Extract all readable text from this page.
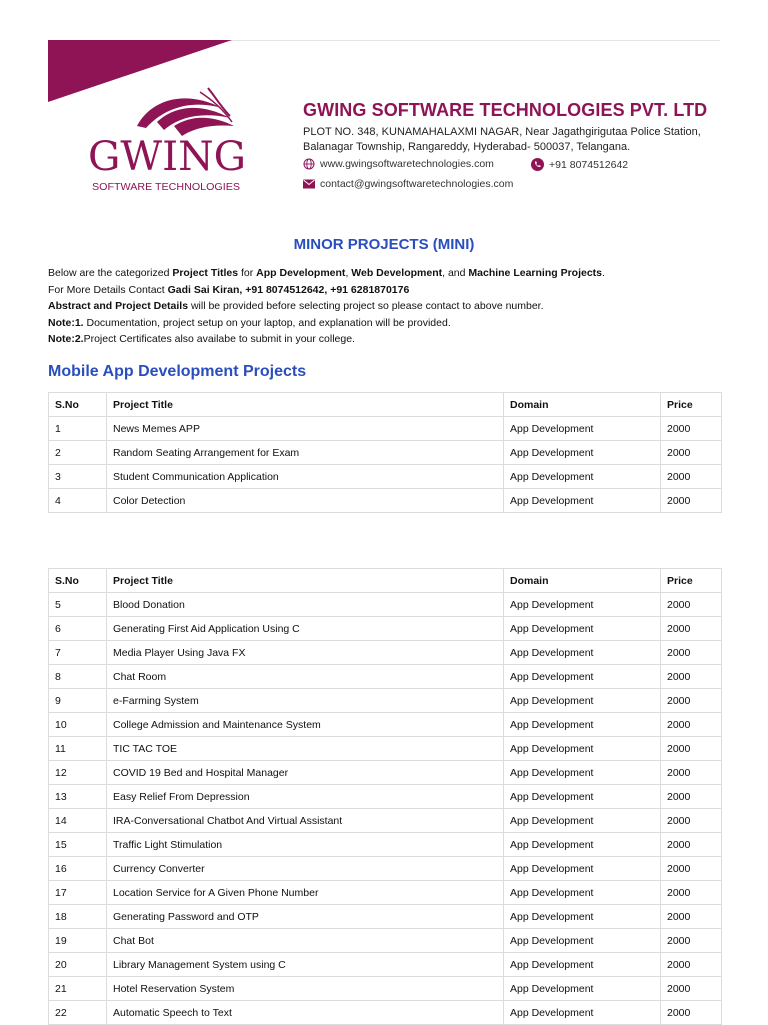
GWING
SOFTWARE TECHNOLOGIES
GWING SOFTWARE TECHNOLOGIES PVT. LTD
PLOT NO. 348, KUNAMAHALAXMI NAGAR, Near Jagathgirigutaa Police Station,
Balanagar Township, Rangareddy, Hyderabad- 500037, Telangana.
www.gwingsoftwaretechnologies.com	+91 8074512642
contact@gwingsoftwaretechnologies.com
MINOR PROJECTS (MINI)
Below are the categorized Project Titles for App Development, Web Development, and Machine Learning Projects.
For More Details Contact Gadi Sai Kiran, +91 8074512642, +91 6281870176
Abstract and Project Details will be provided before selecting project so please contact to above number.
Note:1. Documentation, project setup on your laptop, and explanation will be provided.
Note:2.Project Certificates also availabe to submit in your college.
Mobile App Development Projects
S.No	Project Title	Domain	Price
1	News Memes APP	App Development	2000
2	Random Seating Arrangement for Exam	App Development	2000
3	Student Communication Application	App Development	2000
4	Color Detection	App Development	2000
S.No	Project Title	Domain	Price
5	Blood Donation	App Development	2000
6	Generating First Aid Application Using C	App Development	2000
7	Media Player Using Java FX	App Development	2000
8	Chat Room	App Development	2000
9	e-Farming System	App Development	2000
10	College Admission and Maintenance System	App Development	2000
11	TIC TAC TOE	App Development	2000
12	COVID 19 Bed and Hospital Manager	App Development	2000
13	Easy Relief From Depression	App Development	2000
14	IRA-Conversational Chatbot And Virtual Assistant	App Development	2000
15	Traffic Light Stimulation	App Development	2000
16	Currency Converter	App Development	2000
17	Location Service for A Given Phone Number	App Development	2000
18	Generating Password and OTP	App Development	2000
19	Chat Bot	App Development	2000
20	Library Management System using C	App Development	2000
21	Hotel Reservation System	App Development	2000
22	Automatic Speech to Text	App Development	2000
